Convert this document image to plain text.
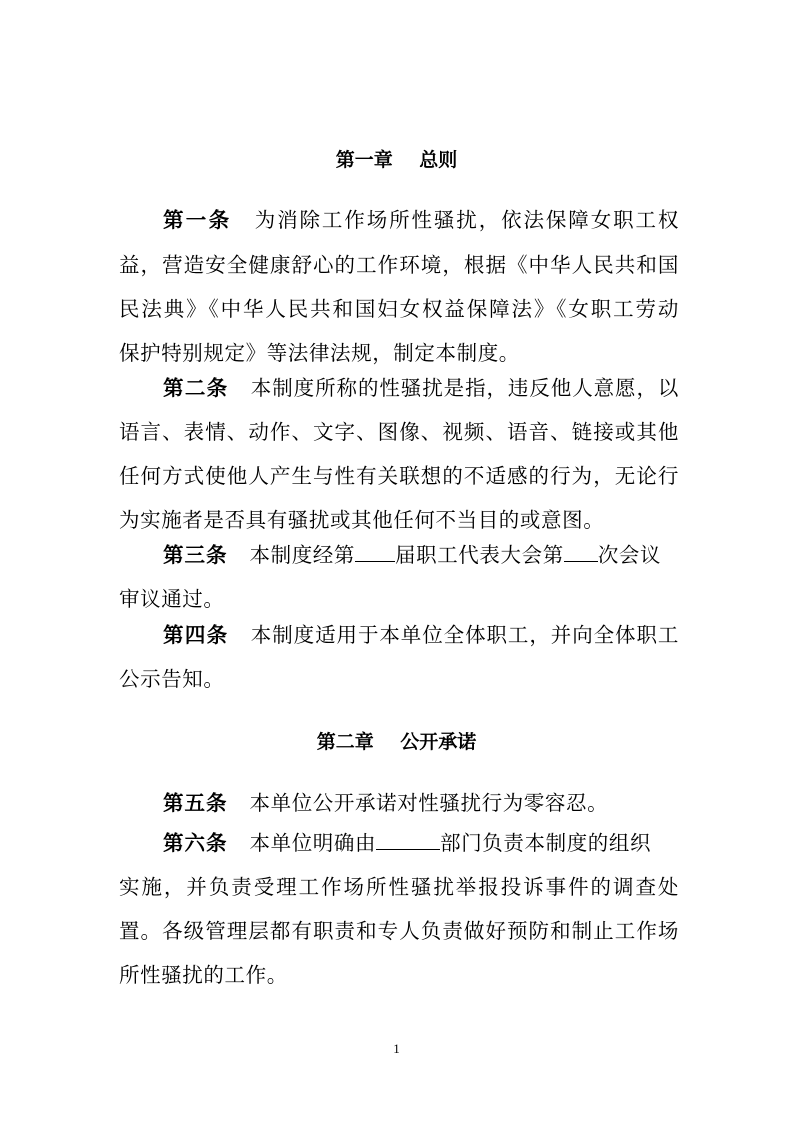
第一章    总则
第一条 为消除工作场所性骚扰，依法保障女职工权
益，营造安全健康舒心的工作环境，根据《中华人民共和国
民法典》《中华人民共和国妇女权益保障法》《女职工劳动
保护特别规定》等法律法规，制定本制度。
第二条 本制度所称的性骚扰是指，违反他人意愿，以
语言、表情、动作、文字、图像、视频、语音、链接或其他
任何方式使他人产生与性有关联想的不适感的行为，无论行
为实施者是否具有骚扰或其他任何不当目的或意图。
第三条 本制度经第 届职工代表大会第 次会议
审议通过。
第四条 本制度适用于本单位全体职工，并向全体职工
公示告知。
第二章    公开承诺
第五条 本单位公开承诺对性骚扰行为零容忍。
第六条 本单位明确由	部门负责本制度的组织
实施，并负责受理工作场所性骚扰举报投诉事件的调查处
置。各级管理层都有职责和专人负责做好预防和制止工作场
所性骚扰的工作。
1
